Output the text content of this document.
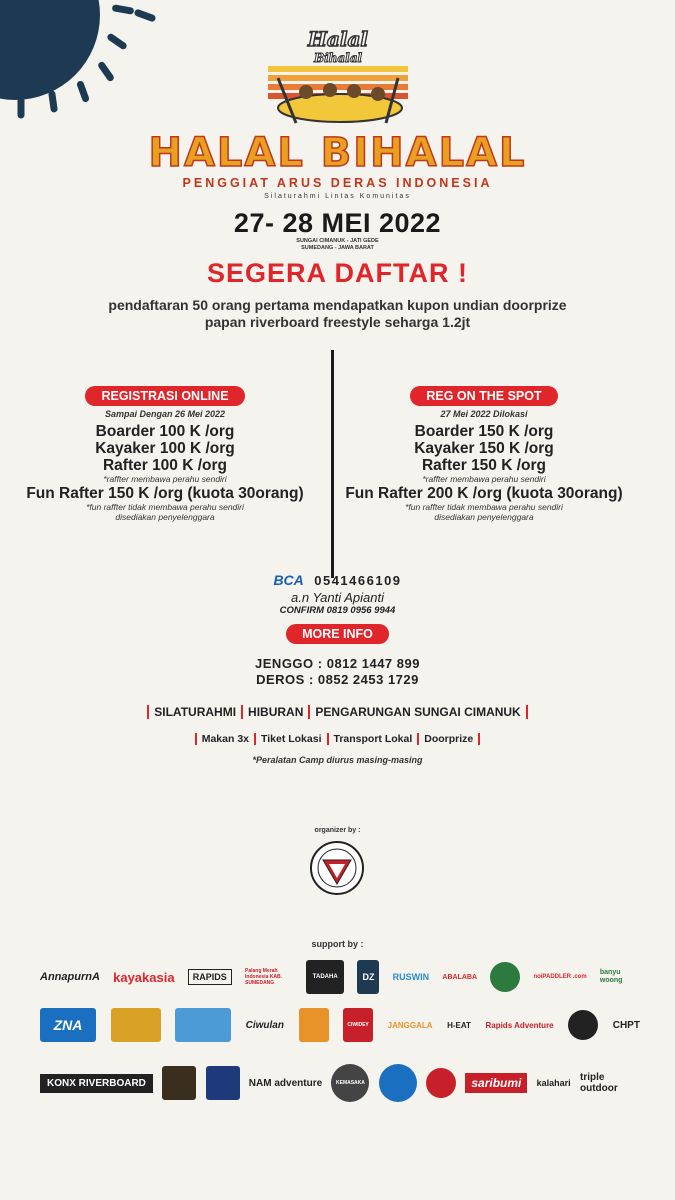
Halal
Bihalal
HALAL BIHALAL
PENGGIAT ARUS DERAS INDONESIA
Silaturahmi Lintas Komunitas
27- 28 MEI 2022
SUNGAI CIMANUK - JATI GEDE
SUMEDANG - JAWA BARAT
SEGERA DAFTAR !
pendaftaran 50 orang pertama mendapatkan kupon undian doorprize
papan riverboard freestyle seharga 1.2jt
REGISTRASI ONLINE
Sampai Dengan 26 Mei 2022
Boarder 100 K /org
Kayaker 100 K /org
Rafter 100 K /org
*raffter membawa perahu sendiri
Fun Rafter 150 K /org (kuota 30orang)
*fun raffter tidak membawa perahu sendiri
disediakan penyelenggara
REG ON THE SPOT
27 Mei 2022 Dilokasi
Boarder 150 K /org
Kayaker 150 K /org
Rafter 150 K /org
*raffter membawa perahu sendiri
Fun Rafter 200 K /org (kuota 30orang)
*fun raffter tidak membawa perahu sendiri
disediakan penyelenggara
BCA 0541466109
a.n Yanti Apianti
CONFIRM 0819 0956 9944
MORE INFO
JENGGO : 0812 1447 899
DEROS : 0852 2453 1729
SILATURAHMI	HIBURAN	PENGARUNGAN SUNGAI CIMANUK
Makan 3x	Tiket Lokasi	Transport Lokal	Doorprize
*Peralatan Camp diurus masing-masing
organizer by :
support by :
AnnapurnA kayakasia	RAPIDS
Palang Merah Indonesia KAB. SUMEDANG
TADAHA	DZ	RUSWIN ABALABA	noiPADDLER .com
banyu woong
ZNA	Ciwulan	CIWIDEY	JANGGALA H-EAT Rapids Adventure	CHPT
KONX RIVERBOARD	NAM adventure	KEMASAKA	saribumi	kalahari triple outdoor
